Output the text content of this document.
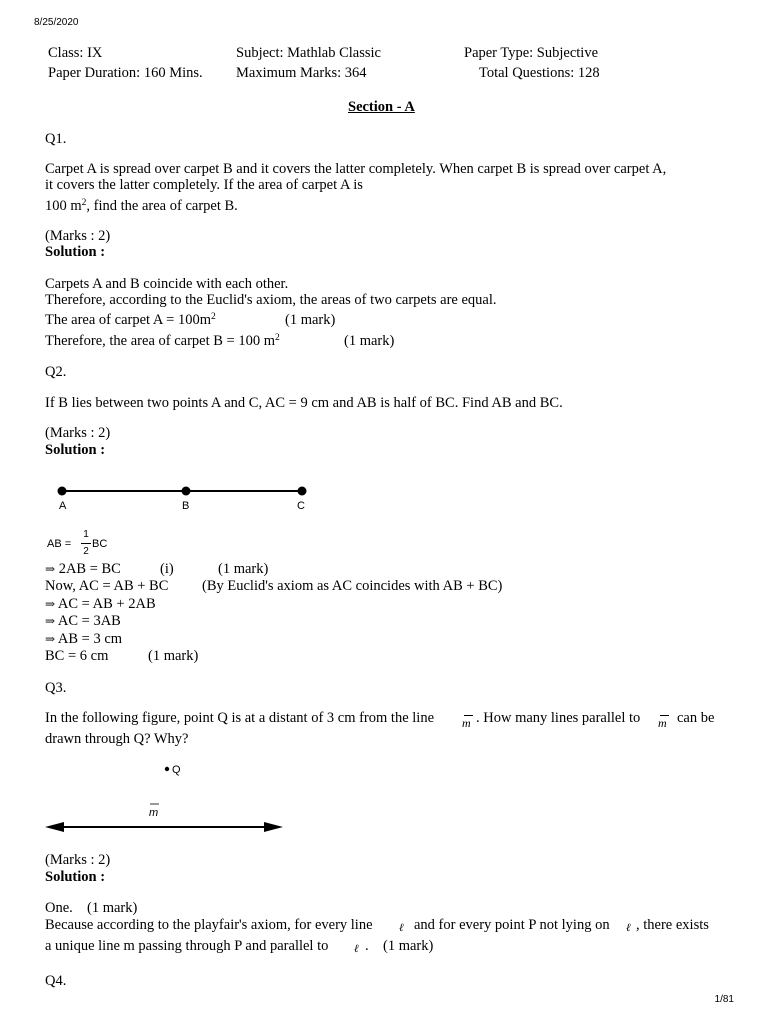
8/25/2020
1/81
Class: IX	Subject: Mathlab Classic	Paper Type: Subjective
Paper Duration: 160 Mins. Maximum Marks: 364	Total Questions: 128
Section - A
Q1.
Carpet A is spread over carpet B and it covers the latter completely. When carpet B is spread over carpet A,
it covers the latter completely. If the area of carpet A is
100 $m^2$, find the area of carpet B.
(Marks : 2)
Solution :
Carpets A and B coincide with each other.
Therefore, according to the Euclid's axiom, the areas of two carpets are equal.
The area of carpet $A = 100m^2$	(1 mark)
Therefore, the area of carpet B = 100 $m^2$	(1 mark)
Q2.
If B lies between two points A and C, AC = 9 cm and AB is half of BC. Find AB and BC.
(Marks : 2)
Solution :
A	B	C
AB =
1
2
BC
⇒ 2AB = BC	(i)	(1 mark)
Now, AC = AB + BC (By Euclid's axiom as AC coincides with AB + BC)
⇒ AC = AB + 2AB
⇒ AC = 3AB
⇒ AB = 3 cm
BC = 6 cm	(1 mark)
Q3.
In the following figure, point Q is at a distant of 3 cm from the line m . How many lines parallel to m can be
drawn through Q? Why?
Q
m
(Marks : 2)
Solution :
One. (1 mark)
Because according to the playfair's axiom, for every line ℓ and for every point P not lying on ℓ , there exists
a unique line m passing through P and parallel to ℓ . (1 mark)
Q4.
